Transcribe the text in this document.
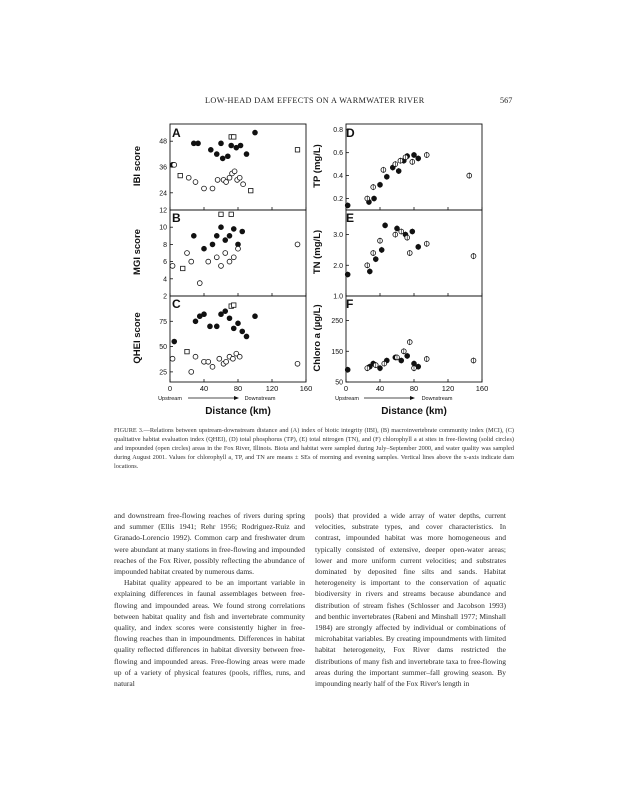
LOW-HEAD DAM EFFECTS ON A WARMWATER RIVER	567
24
36
48
2
4
6
8
10
12
25
50
75
0.2
0.4
0.6
0.8
1.0
2.0
3.0
50
150
250
A
B
C
D
E
F
IBI score
MGI score
QHEI score
TP (mg/L)
TN (mg/L)
Chloro a (µg/L)
0	40	80	120	160
Upstream	Downstream
Distance (km)
0	40	80	120	160
Upstream	Downstream
Distance (km)
FIGURE 3.—Relations between upstream-downstream distance and (A) index of biotic integrity (IBI), (B) macroinvertebrate community index (MCI), (C) qualitative habitat evaluation index (QHEI), (D) total phosphorus (TP), (E) total nitrogen (TN), and (F) chlorophyll a at sites in free-flowing (solid circles) and impounded (open circles) areas in the Fox River, Illinois. Biota and habitat were sampled during July–September 2000, and water quality was sampled during August 2001. Values for chlorophyll a, TP, and TN are means ± SEs of morning and evening samples. Vertical lines above the x-axis indicate dam locations.

and downstream free-flowing reaches of rivers during spring and summer (Ellis 1941; Rehr 1956; Rodriguez-Ruiz and Granado-Lorencio 1992). Common carp and freshwater drum were abundant at many stations in free-flowing and impounded reaches of the Fox River, possibly reflecting the abundance of impounded habitat created by numerous dams.

Habitat quality appeared to be an important variable in explaining differences in faunal assemblages between free-flowing and impounded areas. We found strong correlations between habitat quality and fish and invertebrate community quality, and index scores were consistently higher in free-flowing reaches than in impoundments. Differences in habitat quality reflected differences in habitat diversity between free-flowing and impounded areas. Free-flowing areas were made up of a variety of physical features (pools, riffles, runs, and natural

pools) that provided a wide array of water depths, current velocities, substrate types, and cover characteristics. In contrast, impounded habitat was more homogeneous and typically consisted of extensive, deeper open-water areas; lower and more uniform current velocities; and substrates dominated by deposited fine silts and sands. Habitat heterogeneity is important to the conservation of aquatic biodiversity in rivers and streams because abundance and distribution of stream fishes (Schlosser and Jacobson 1993) and benthic invertebrates (Rabeni and Minshall 1977; Minshall 1984) are strongly affected by individual or combinations of microhabitat variables. By creating impoundments with limited habitat heterogeneity, Fox River dams restricted the distributions of many fish and invertebrate taxa to free-flowing areas during the important summer–fall growing season. By impounding nearly half of the Fox River's length in
